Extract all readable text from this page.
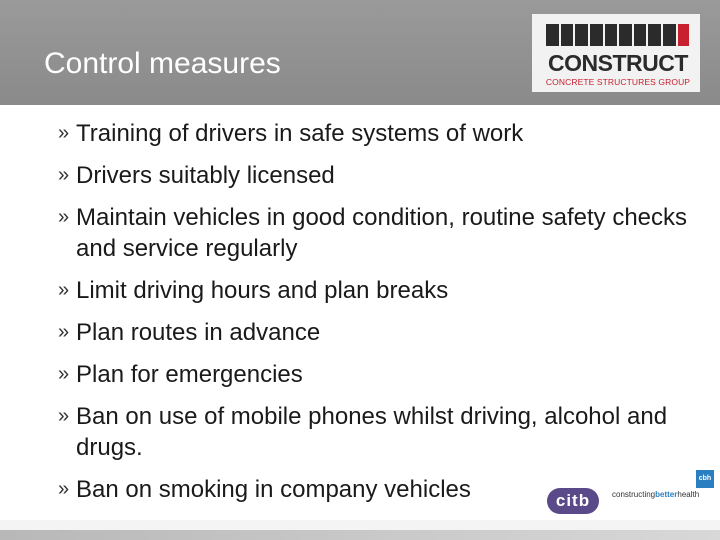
Control measures	CONSTRUCT
CONCRETE STRUCTURES GROUP
» Training of drivers in safe systems of work
» Drivers suitably licensed
» Maintain vehicles in good condition, routine safety checks and service regularly
» Limit driving hours and plan breaks
» Plan routes in advance
» Plan for emergencies
» Ban on use of mobile phones whilst driving, alcohol and drugs.
» Ban on smoking in company vehicles	citb
cbh
constructingbetterhealth
